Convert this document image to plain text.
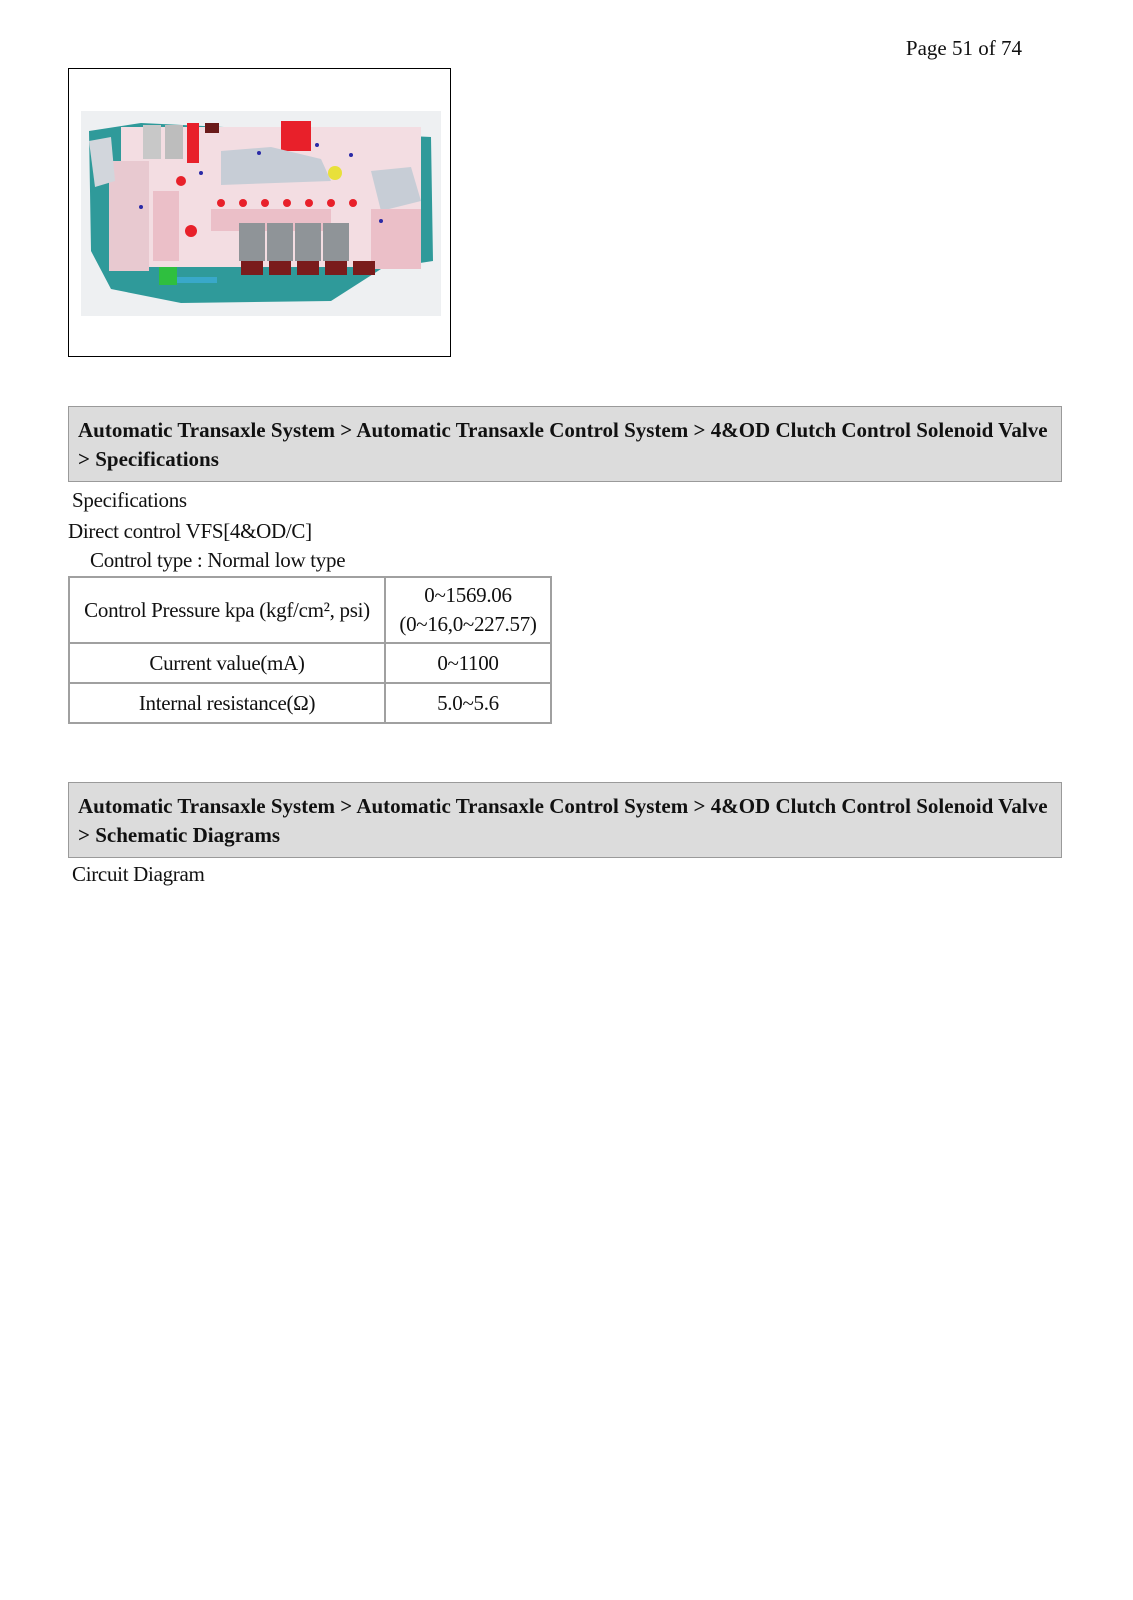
Page 51 of 74
Automatic Transaxle System > Automatic Transaxle Control System > 4&OD Clutch Control Solenoid Valve > Specifications
Specifications
Direct control VFS[4&OD/C]
Control type : Normal low type
Control Pressure kpa (kgf/cm², psi)	0~1569.06
(0~16,0~227.57)

Current value(mA)	0~1100
Internal resistance(Ω)	5.0~5.6
Automatic Transaxle System > Automatic Transaxle Control System > 4&OD Clutch Control Solenoid Valve > Schematic Diagrams
Circuit Diagram
